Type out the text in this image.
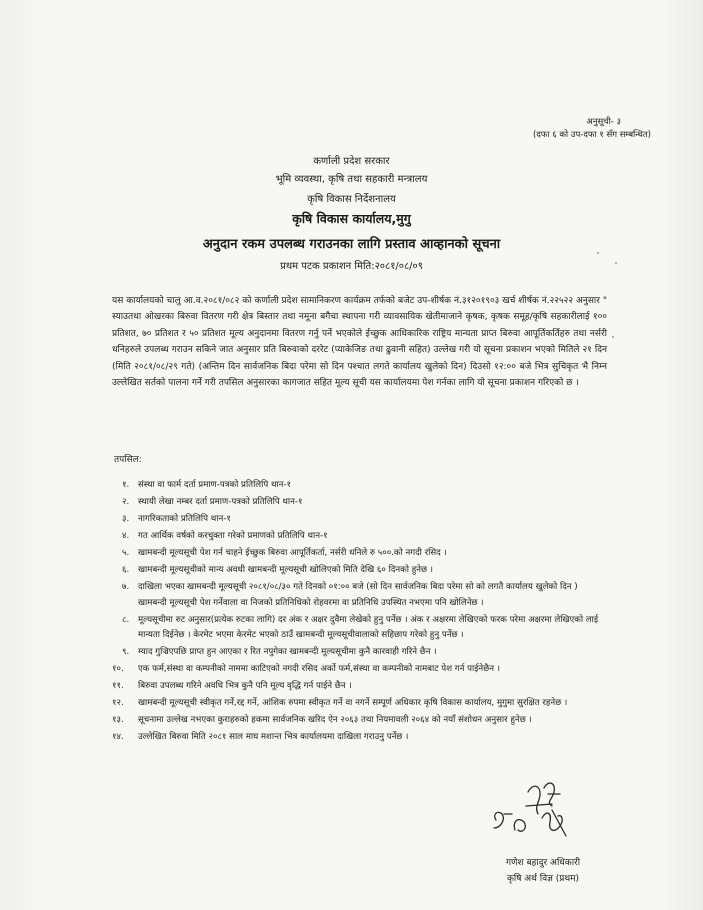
अनुसूची- ३
(दफा ६ को उप-दफा १ सँग सम्बन्धित)
कर्णाली प्रदेश सरकार
भूमि व्यवस्था, कृषि तथा सहकारी मन्त्रालय
कृषि विकास निर्देशनालय
कृषि विकास कार्यालय,मुगु
अनुदान रकम उपलब्ध गराउनका लागि प्रस्ताव आव्हानको सूचना
प्रथम पटक प्रकाशन मिति:२०८१/०८/०९
यस कार्यालयको चालु आ.व.२०८१/०८२ को कर्णाली प्रदेश सामानिकरण कार्यक्रम तर्फको बजेट उप-शीर्षक नं.३१२०१९०३ खर्च शीर्षक नं.२२५२२ अनुसार " स्याउतथा ओखरका बिरुवा वितरण गरी क्षेत्र बिस्तार तथा नमूना बगैचा स्थापना गरी व्यावसायिक खेतीमाजाने कृषक, कृषक समूह/कृषि सहकारीलाई १०० प्रतिशत, ७० प्रतिशत र ५० प्रतिशत मूल्य अनुदानमा वितरण गर्नु पर्ने भएकोले ईच्छुक आधिकारिक राष्ट्रिय मान्यता प्राप्त बिरुवा आपूर्तिकर्तिहरु तथा नर्सरी धनिहरुले उपलब्ध गराउन सकिने जात अनुसार प्रति बिरुवाको दररेट (प्याकेजिङ तथा ढुवानी सहित) उल्लेख गरी यो सूचना प्रकाशन भएको मितिले २१ दिन (मिति २०८१/०८/२९ गते) (अन्तिम दिन सार्वजनिक बिदा परेमा सो दिन पश्चात लगते कार्यालय खुलेको दिन) दिउसो १२:०० बजे भित्र सुचिकृत भै निम्न उल्लेखित सर्तको पालना गर्ने गरी तपसिल अनुसारका कागजात सहित मूल्य सूची यस कार्यालयमा पेश गर्नका लागि यो सूचना प्रकाशन गरिएको छ ।
तपसिल:
१.	संस्था वा फार्म दर्ता प्रमाण-पत्रको प्रतिलिपि थान-१
२.	स्थायी लेखा नम्बर दर्ता प्रमाण-पत्रको प्रतिलिपि थान-१
३.	नागरिकताको प्रतिलिपि थान-१
४.	गत आर्थिक वर्षको करचुक्ता गरेको प्रमाणको प्रतिलिपि थान-१
५.	खामबन्दी मूल्यसूची पेश गर्न चाहने ईच्छुक बिरुवा आपूर्तिकर्ता, नर्सरी धनिले रु ५००.को नगदी रसिद ।
६.	खामबन्दी मूल्यसूचीको मान्य अवधी खामबन्दी मूल्यसूची खोलिएको मिति देखि ६० दिनको हुनेछ ।
७.	दाखिला भएका खामबन्दी मूल्यसूची २०८१/०८/३० गते दिनको ०१:०० बजे (सो दिन सार्वजनिक बिदा परेमा सो को लगतै कार्यालय खुलेको दिन ) खामबन्दी मूल्यसूची पेश गर्नेवाला वा निजको प्रतिनिधिको रोहवरमा वा प्रतिनिधि उपस्थित नभएमा पनि खोलिनेछ ।
८.	मूल्यसूचीमा रुट अनुसार(प्रत्येक रुटका लागि) दर अंक र अक्षर दुवैमा लेखेको हुनु पर्नेछ । अंक र अक्षरमा लेखिएको फरक परेमा अक्षरमा लेखिएको लाई मान्यता दिईनेछ । केरमेट भएमा केरमेट भएको ठाउँ खामबन्दी मूल्यसूचीवालाको सहिछाप गरेको हुनु पर्नेछ ।
९.	म्याद गुज्रिएपछि प्राप्त हुन आएका र रित नपुगेका खामबन्दी मूल्यसूचीमा कुनै कारवाही गरिने छैन ।
१०.	एक फर्म,संस्था वा कम्पनीको नाममा काटिएको नगदी रसिद अर्को फर्म,संस्था वा कम्पनीको नामबाट पेश गर्न पाईनेछैन ।
११.	बिरुवा उपलब्ध गरिने अवधि भित्र कुनै पनि मूल्य वृद्धि गर्न पाईने छैन ।
१२.	खामबन्दी मूल्यसूची स्वीकृत गर्ने,रद्द गर्ने, आंशिक रुपमा स्वीकृत गर्ने वा नगर्ने सम्पूर्ण अधिकार कृषि विकास कार्यालय, मुगुमा सुरक्षित रहनेछ ।
१३.	सूचनामा उल्लेख नभएका कुराहरुको हकमा सार्वजनिक खरिद ऐन २०६३ तथा नियमावली २०६४ को नयाँ संशोधन अनुसार हुनेछ ।
१४.	उल्लेखित बिरुवा मिति २०८१ साल माघ मशान्त भित्र कार्यालयमा दाखिला गराउनु पर्नेछ ।
गणेश बहादुर अधिकारी
कृषि अर्थ विज्ञ (प्रथम)
